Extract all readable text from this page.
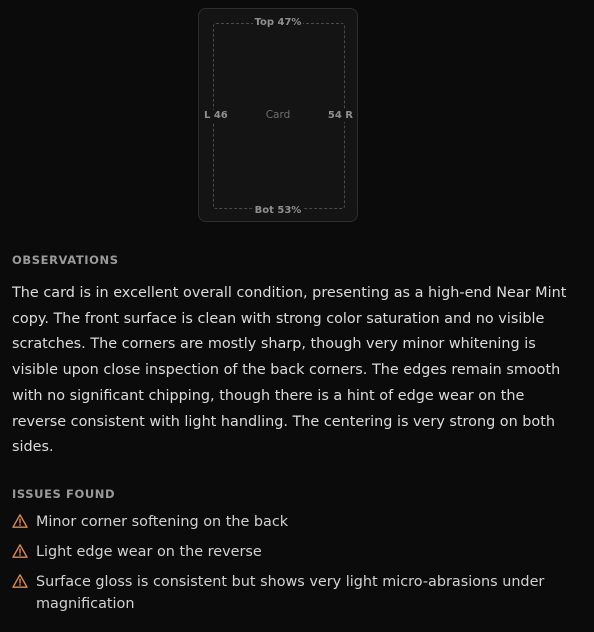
Card
Top 47%
Bot 53%
L 46	54 R
OBSERVATIONS

The card is in excellent overall condition, presenting as a high-end Near Mint copy. The front surface is clean with strong color saturation and no visible scratches. The corners are mostly sharp, though very minor whitening is visible upon close inspection of the back corners. The edges remain smooth with no significant chipping, though there is a hint of edge wear on the reverse consistent with light handling. The centering is very strong on both sides.

ISSUES FOUND
Minor corner softening on the back
Light edge wear on the reverse
Surface gloss is consistent but shows very light micro-abrasions under magnification
